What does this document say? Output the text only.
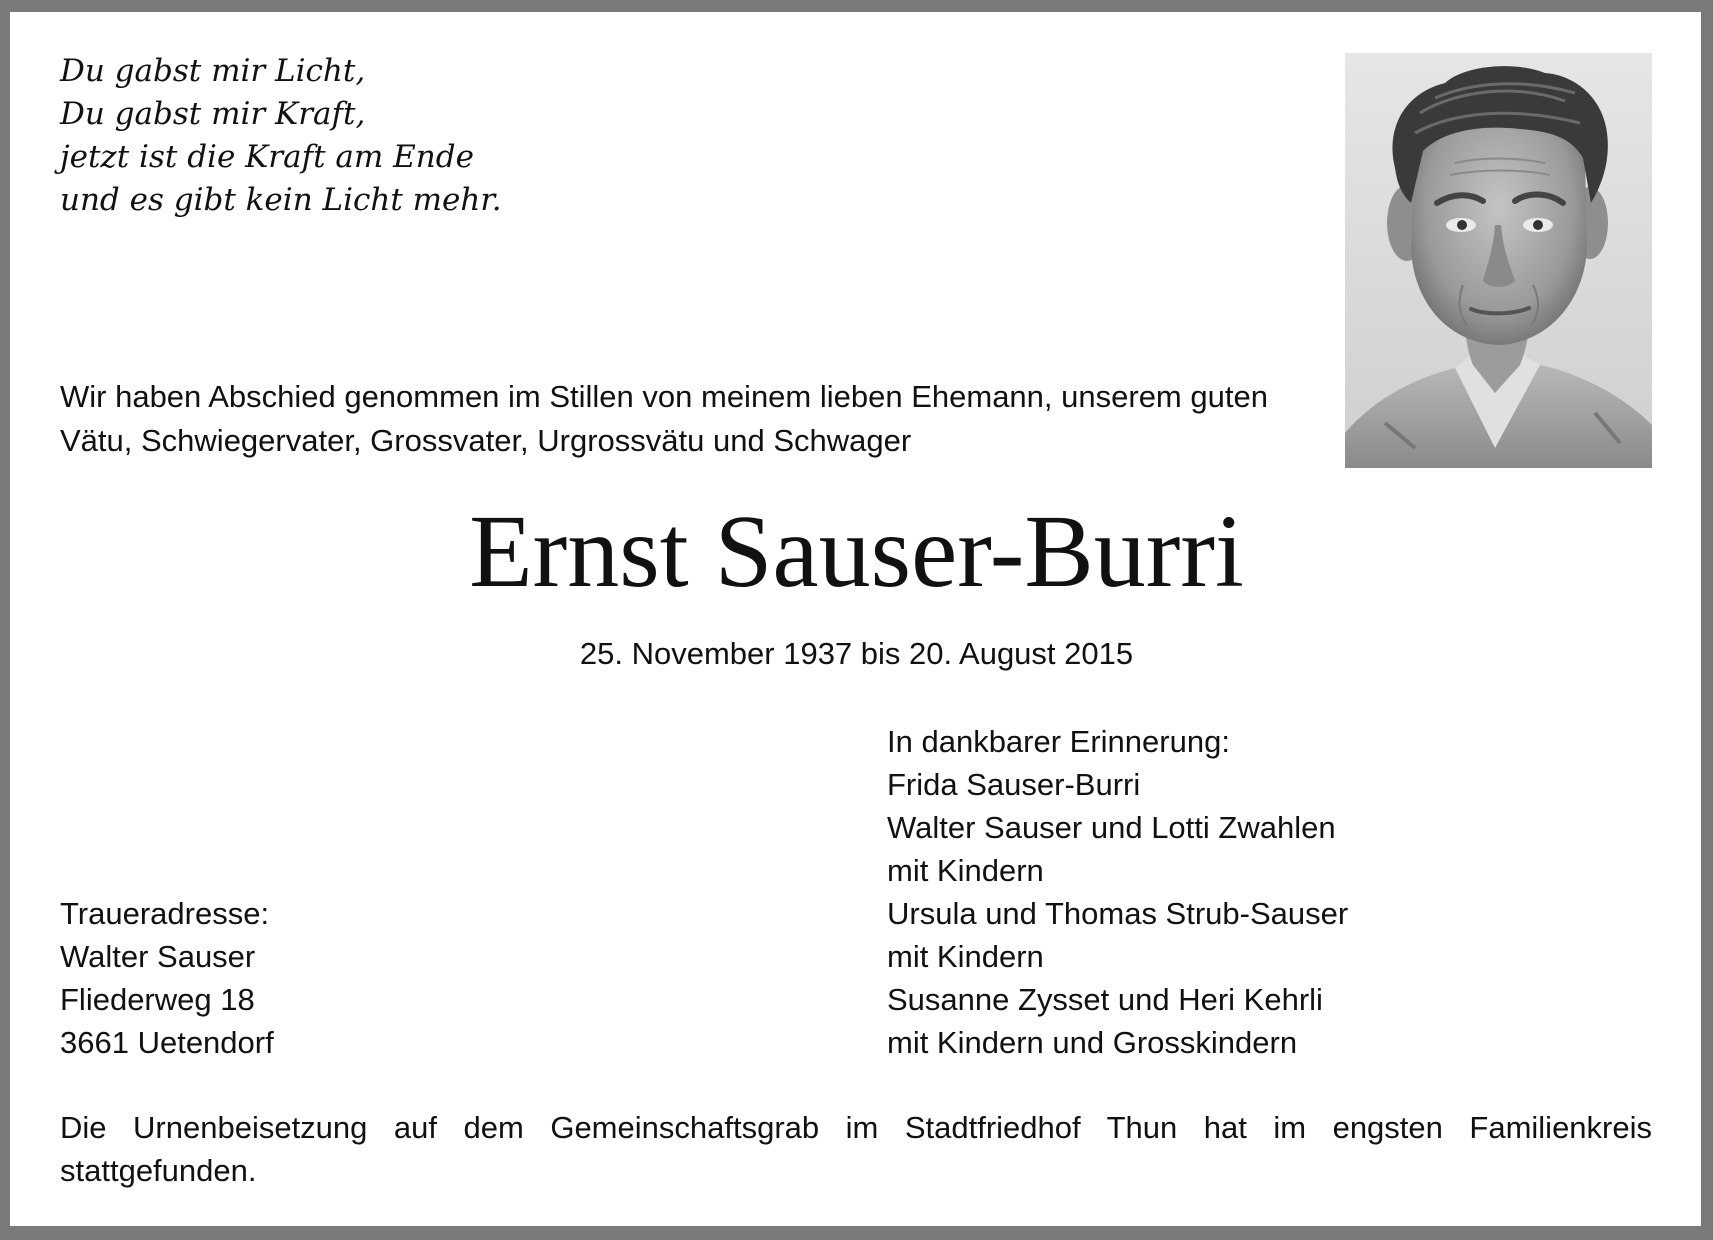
Du gabst mir Licht,
Du gabst mir Kraft,
jetzt ist die Kraft am Ende
und es gibt kein Licht mehr.
Wir haben Abschied genommen im Stillen von meinem lieben Ehemann, unserem guten
Vätu, Schwiegervater, Grossvater, Urgrossvätu und Schwager
Ernst Sauser-Burri
25. November 1937 bis 20. August 2015
In dankbarer Erinnerung:
Frida Sauser-Burri
Walter Sauser und Lotti Zwahlen
mit Kindern
Ursula und Thomas Strub-Sauser
mit Kindern
Susanne Zysset und Heri Kehrli
mit Kindern und Grosskindern
Traueradresse:
Walter Sauser
Fliederweg 18
3661 Uetendorf
Die Urnenbeisetzung auf dem Gemeinschaftsgrab im Stadtfriedhof Thun hat im engsten Familienkreis stattgefunden.
